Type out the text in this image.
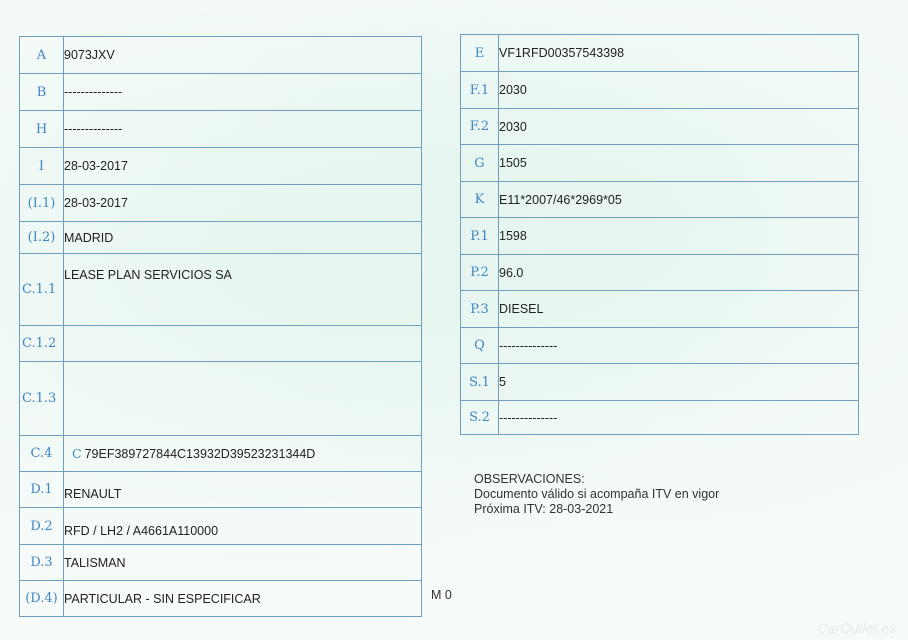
A	9073JXV
B	--------------
H	--------------
I	28-03-2017
(I.1)	28-03-2017
(I.2)	MADRID
C.1.1	LEASE PLAN SERVICIOS SA
C.1.2	
C.1.3	
C.4	C 79EF389727844C13932D39523231344D
D.1	RENAULT
D.2	RFD / LH2 / A4661A110000
D.3	TALISMAN
(D.4)	PARTICULAR - SIN ESPECIFICAR
E	VF1RFD00357543398
F.1	2030
F.2	2030
G	1505
K	E11*2007/46*2969*05
P.1	1598
P.2	96.0
P.3	DIESEL
Q	--------------
S.1	5
S.2	--------------
OBSERVACIONES:
Documento válido si acompaña ITV en vigor
Próxima ITV: 28-03-2021
M 0
CarOutlet.es
